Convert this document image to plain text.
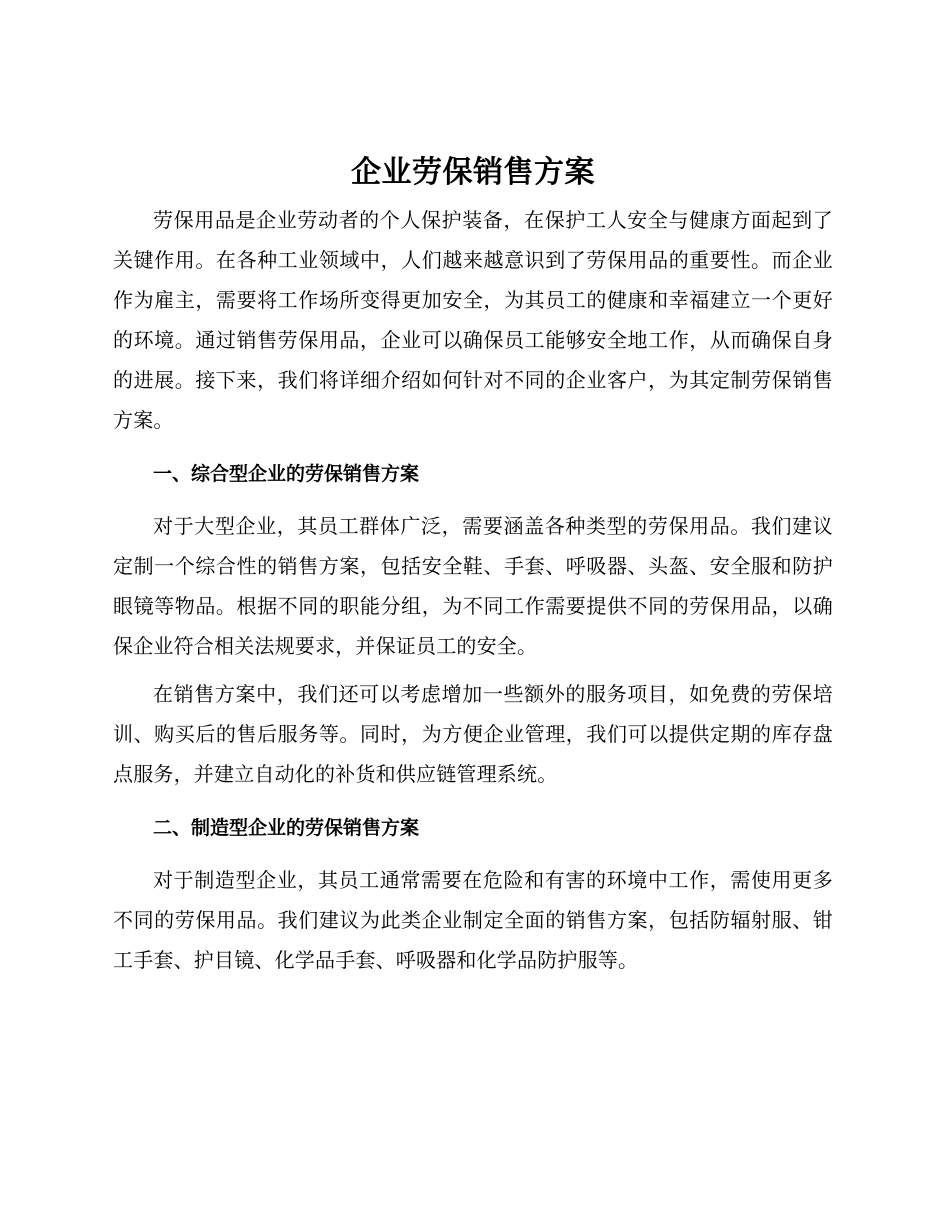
企业劳保销售方案

劳保用品是企业劳动者的个人保护装备，在保护工人安全与健康方面起到了关键作用。在各种工业领域中，人们越来越意识到了劳保用品的重要性。而企业作为雇主，需要将工作场所变得更加安全，为其员工的健康和幸福建立一个更好的环境。通过销售劳保用品，企业可以确保员工能够安全地工作，从而确保自身的进展。接下来，我们将详细介绍如何针对不同的企业客户，为其定制劳保销售方案。

一、综合型企业的劳保销售方案

对于大型企业，其员工群体广泛，需要涵盖各种类型的劳保用品。我们建议定制一个综合性的销售方案，包括安全鞋、手套、呼吸器、头盔、安全服和防护眼镜等物品。根据不同的职能分组，为不同工作需要提供不同的劳保用品，以确保企业符合相关法规要求，并保证员工的安全。

在销售方案中，我们还可以考虑增加一些额外的服务项目，如免费的劳保培训、购买后的售后服务等。同时，为方便企业管理，我们可以提供定期的库存盘点服务，并建立自动化的补货和供应链管理系统。

二、制造型企业的劳保销售方案

对于制造型企业，其员工通常需要在危险和有害的环境中工作，需使用更多不同的劳保用品。我们建议为此类企业制定全面的销售方案，包括防辐射服、钳工手套、护目镜、化学品手套、呼吸器和化学品防护服等。
